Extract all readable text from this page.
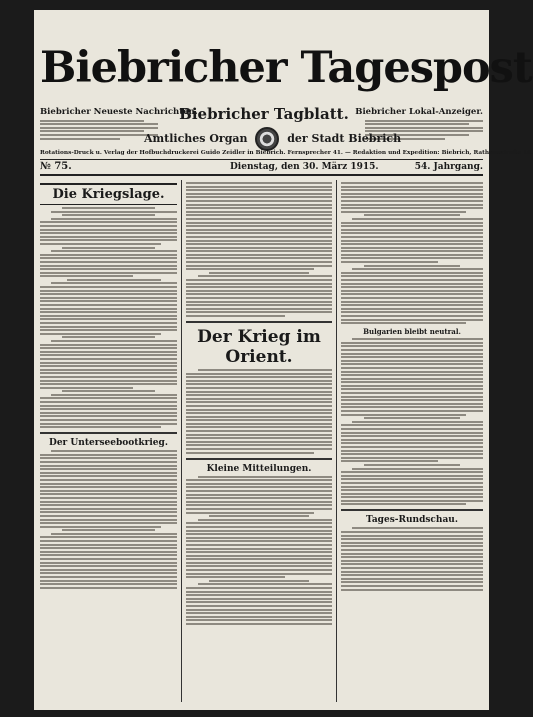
Biebricher Tagespost
Biebricher Neueste Nachrichten.
Biebricher Tagblatt. Biebricher Lokal-Anzeiger.
Amtliches Organ	der Stadt Biebrich
Rotations-Druck u. Verlag der Hofbuchdruckerei Guido Zeidler in Biebrich. Fernsprecher 41. — Redaktion und Expedition: Biebrich, Rathausstraße 16.
№ 75.	Dienstag, den 30. März 1915.	54. Jahrgang.
Die Kriegslage.
Der Unterseebootkrieg.
Der Krieg im Orient.
Kleine Mitteilungen.
Bulgarien bleibt neutral.
Tages-Rundschau.
